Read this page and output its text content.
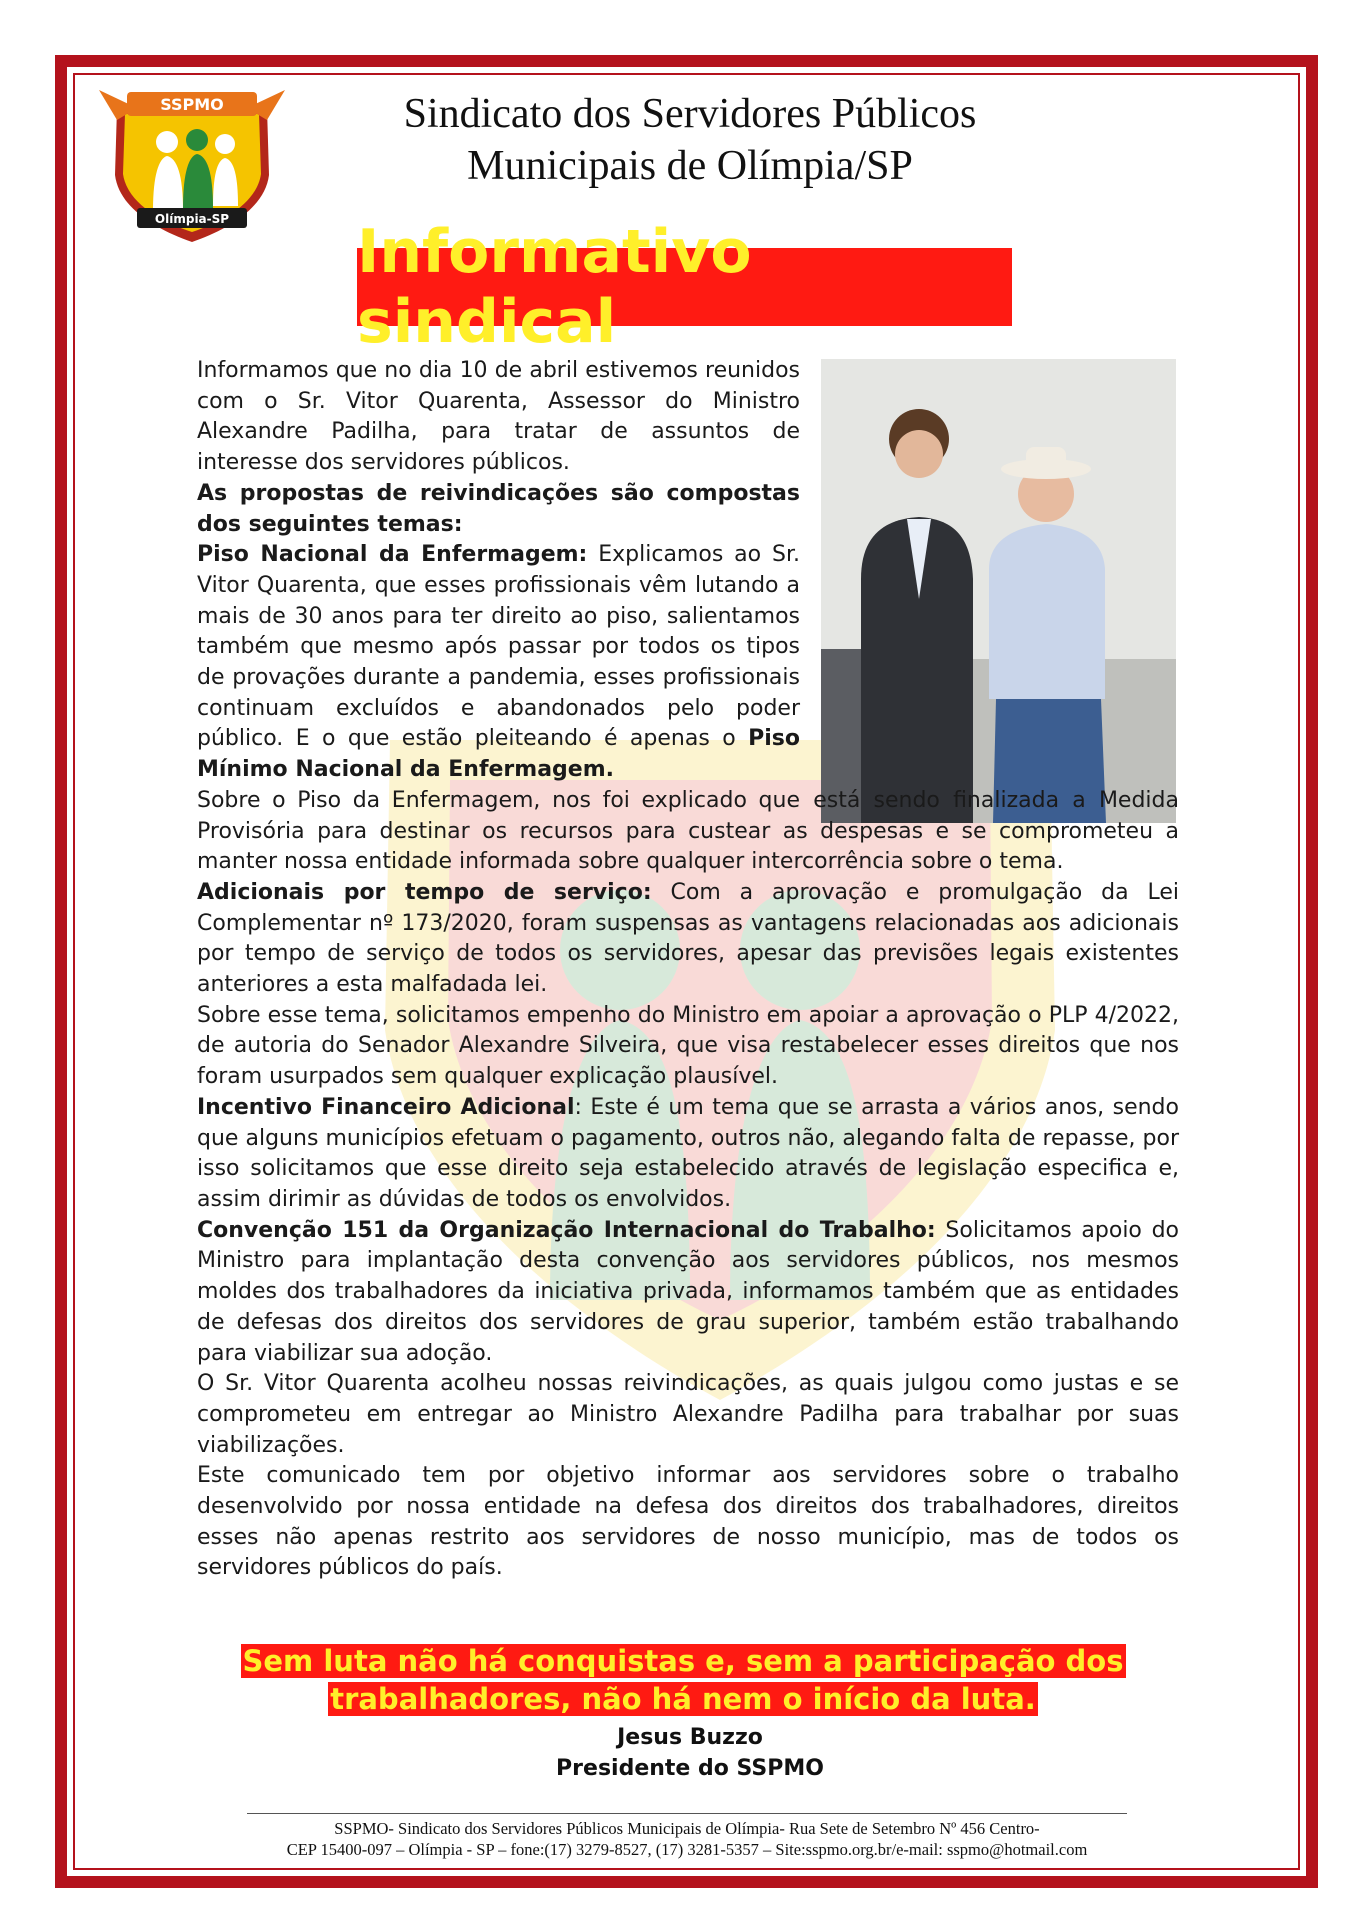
SSPMO
Olímpia-SP
Sindicato dos Servidores Públicos
Municipais de Olímpia/SP
Informativo sindical

Informamos que no dia 10 de abril estivemos reunidos com o Sr. Vitor Quarenta, Assessor do Ministro Alexandre Padilha, para tratar de assuntos de interesse dos servidores públicos.

As propostas de reivindicações são compostas dos seguintes temas:

Piso Nacional da Enfermagem: Explicamos ao Sr. Vitor Quarenta, que esses profissionais vêm lutando a mais de 30 anos para ter direito ao piso, salientamos também que mesmo após passar por todos os tipos de provações durante a pandemia, esses profissionais continuam excluídos e abandonados pelo poder público. E o que estão pleiteando é apenas o Piso Mínimo Nacional da Enfermagem.

Sobre o Piso da Enfermagem, nos foi explicado que está sendo finalizada a Medida Provisória para destinar os recursos para custear as despesas e se comprometeu a manter nossa entidade informada sobre qualquer intercorrência sobre o tema.

Adicionais por tempo de serviço: Com a aprovação e promulgação da Lei Complementar nº 173/2020, foram suspensas as vantagens relacionadas aos adicionais por tempo de serviço de todos os servidores, apesar das previsões legais existentes anteriores a esta malfadada lei.

Sobre esse tema, solicitamos empenho do Ministro em apoiar a aprovação o PLP 4/2022, de autoria do Senador Alexandre Silveira, que visa restabelecer esses direitos que nos foram usurpados sem qualquer explicação plausível.

Incentivo Financeiro Adicional: Este é um tema que se arrasta a vários anos, sendo que alguns municípios efetuam o pagamento, outros não, alegando falta de repasse, por isso solicitamos que esse direito seja estabelecido através de legislação especifica e, assim dirimir as dúvidas de todos os envolvidos.

Convenção 151 da Organização Internacional do Trabalho: Solicitamos apoio do Ministro para implantação desta convenção aos servidores públicos, nos mesmos moldes dos trabalhadores da iniciativa privada, informamos também que as entidades de defesas dos direitos dos servidores de grau superior, também estão trabalhando para viabilizar sua adoção.

O Sr. Vitor Quarenta acolheu nossas reivindicações, as quais julgou como justas e se comprometeu em entregar ao Ministro Alexandre Padilha para trabalhar por suas viabilizações.

Este comunicado tem por objetivo informar aos servidores sobre o trabalho desenvolvido por nossa entidade na defesa dos direitos dos trabalhadores, direitos esses não apenas restrito aos servidores de nosso município, mas de todos os servidores públicos do país.

Sem luta não há conquistas e, sem a participação dos
trabalhadores, não há nem o início da luta.
Jesus Buzzo
Presidente do SSPMO
SSPMO- Sindicato dos Servidores Públicos Municipais de Olímpia- Rua Sete de Setembro Nº 456 Centro-
CEP 15400-097 – Olímpia - SP – fone:(17) 3279-8527, (17) 3281-5357 – Site:sspmo.org.br/e-mail: sspmo@hotmail.com
